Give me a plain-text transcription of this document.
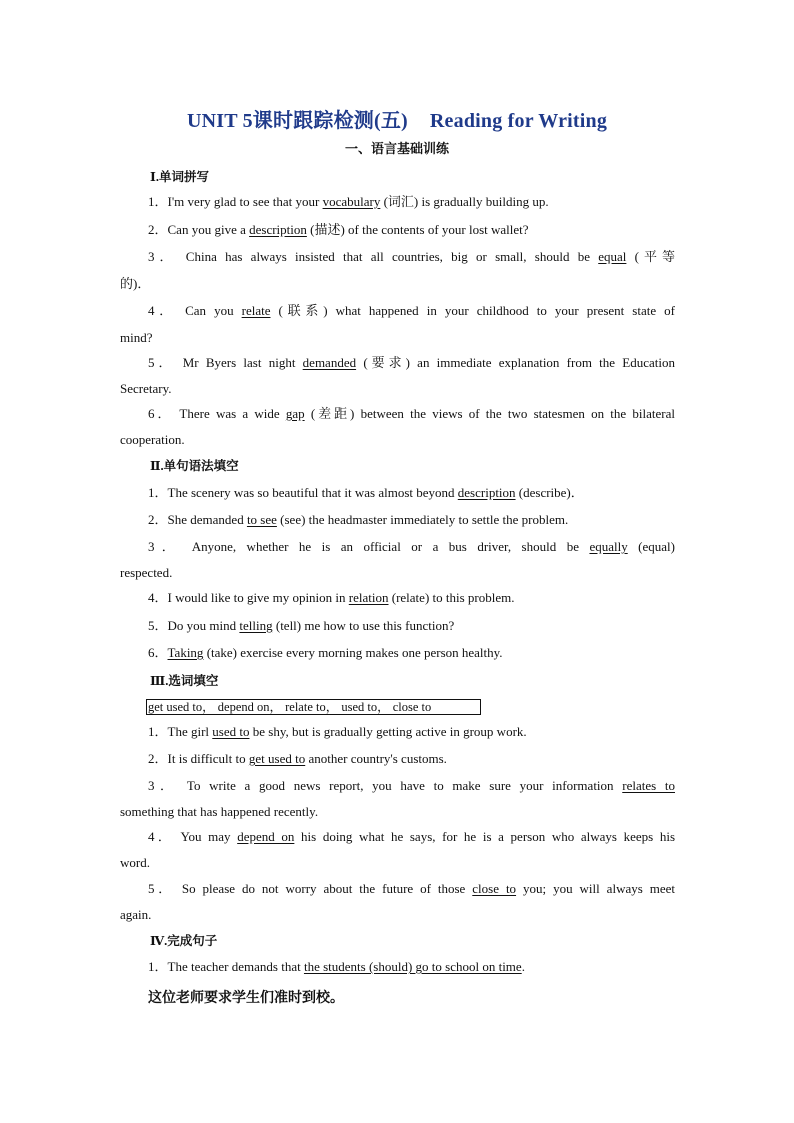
UNIT 5课时跟踪检测(五) Reading for Writing
一、语言基础训练
Ⅰ.单词拼写
1．I'm very glad to see that your vocabulary (词汇) is gradually building up.
2．Can you give a description (描述) of the contents of your lost wallet?
3． China has always insisted that all countries, big or small, should be equal (平等
的)．
4． Can you relate (联系) what happened in your childhood to your present state of
mind?
5． Mr Byers last night demanded (要求) an immediate explanation from the Education
Secretary.
6． There was a wide gap (差距) between the views of the two statesmen on the bilateral
cooperation.
Ⅱ.单句语法填空
1．The scenery was so beautiful that it was almost beyond description (describe)．
2．She demanded to see (see) the headmaster immediately to settle the problem.
3． Anyone, whether he is an official or a bus driver, should be equally (equal)
respected.
4．I would like to give my opinion in relation (relate) to this problem.
5．Do you mind telling (tell) me how to use this function?
6．Taking (take) exercise every morning makes one person healthy.
Ⅲ.选词填空
get used to， depend on， relate to， used to， close to
1．The girl used to be shy, but is gradually getting active in group work.
2．It is difficult to get used to another country's customs.
3． To write a good news report, you have to make sure your information relates to
something that has happened recently.
4． You may depend on his doing what he says, for he is a person who always keeps his
word.
5． So please do not worry about the future of those close to you; you will always meet
again.
Ⅳ.完成句子
1．The teacher demands that the students (should) go to school on time.
这位老师要求学生们准时到校。
